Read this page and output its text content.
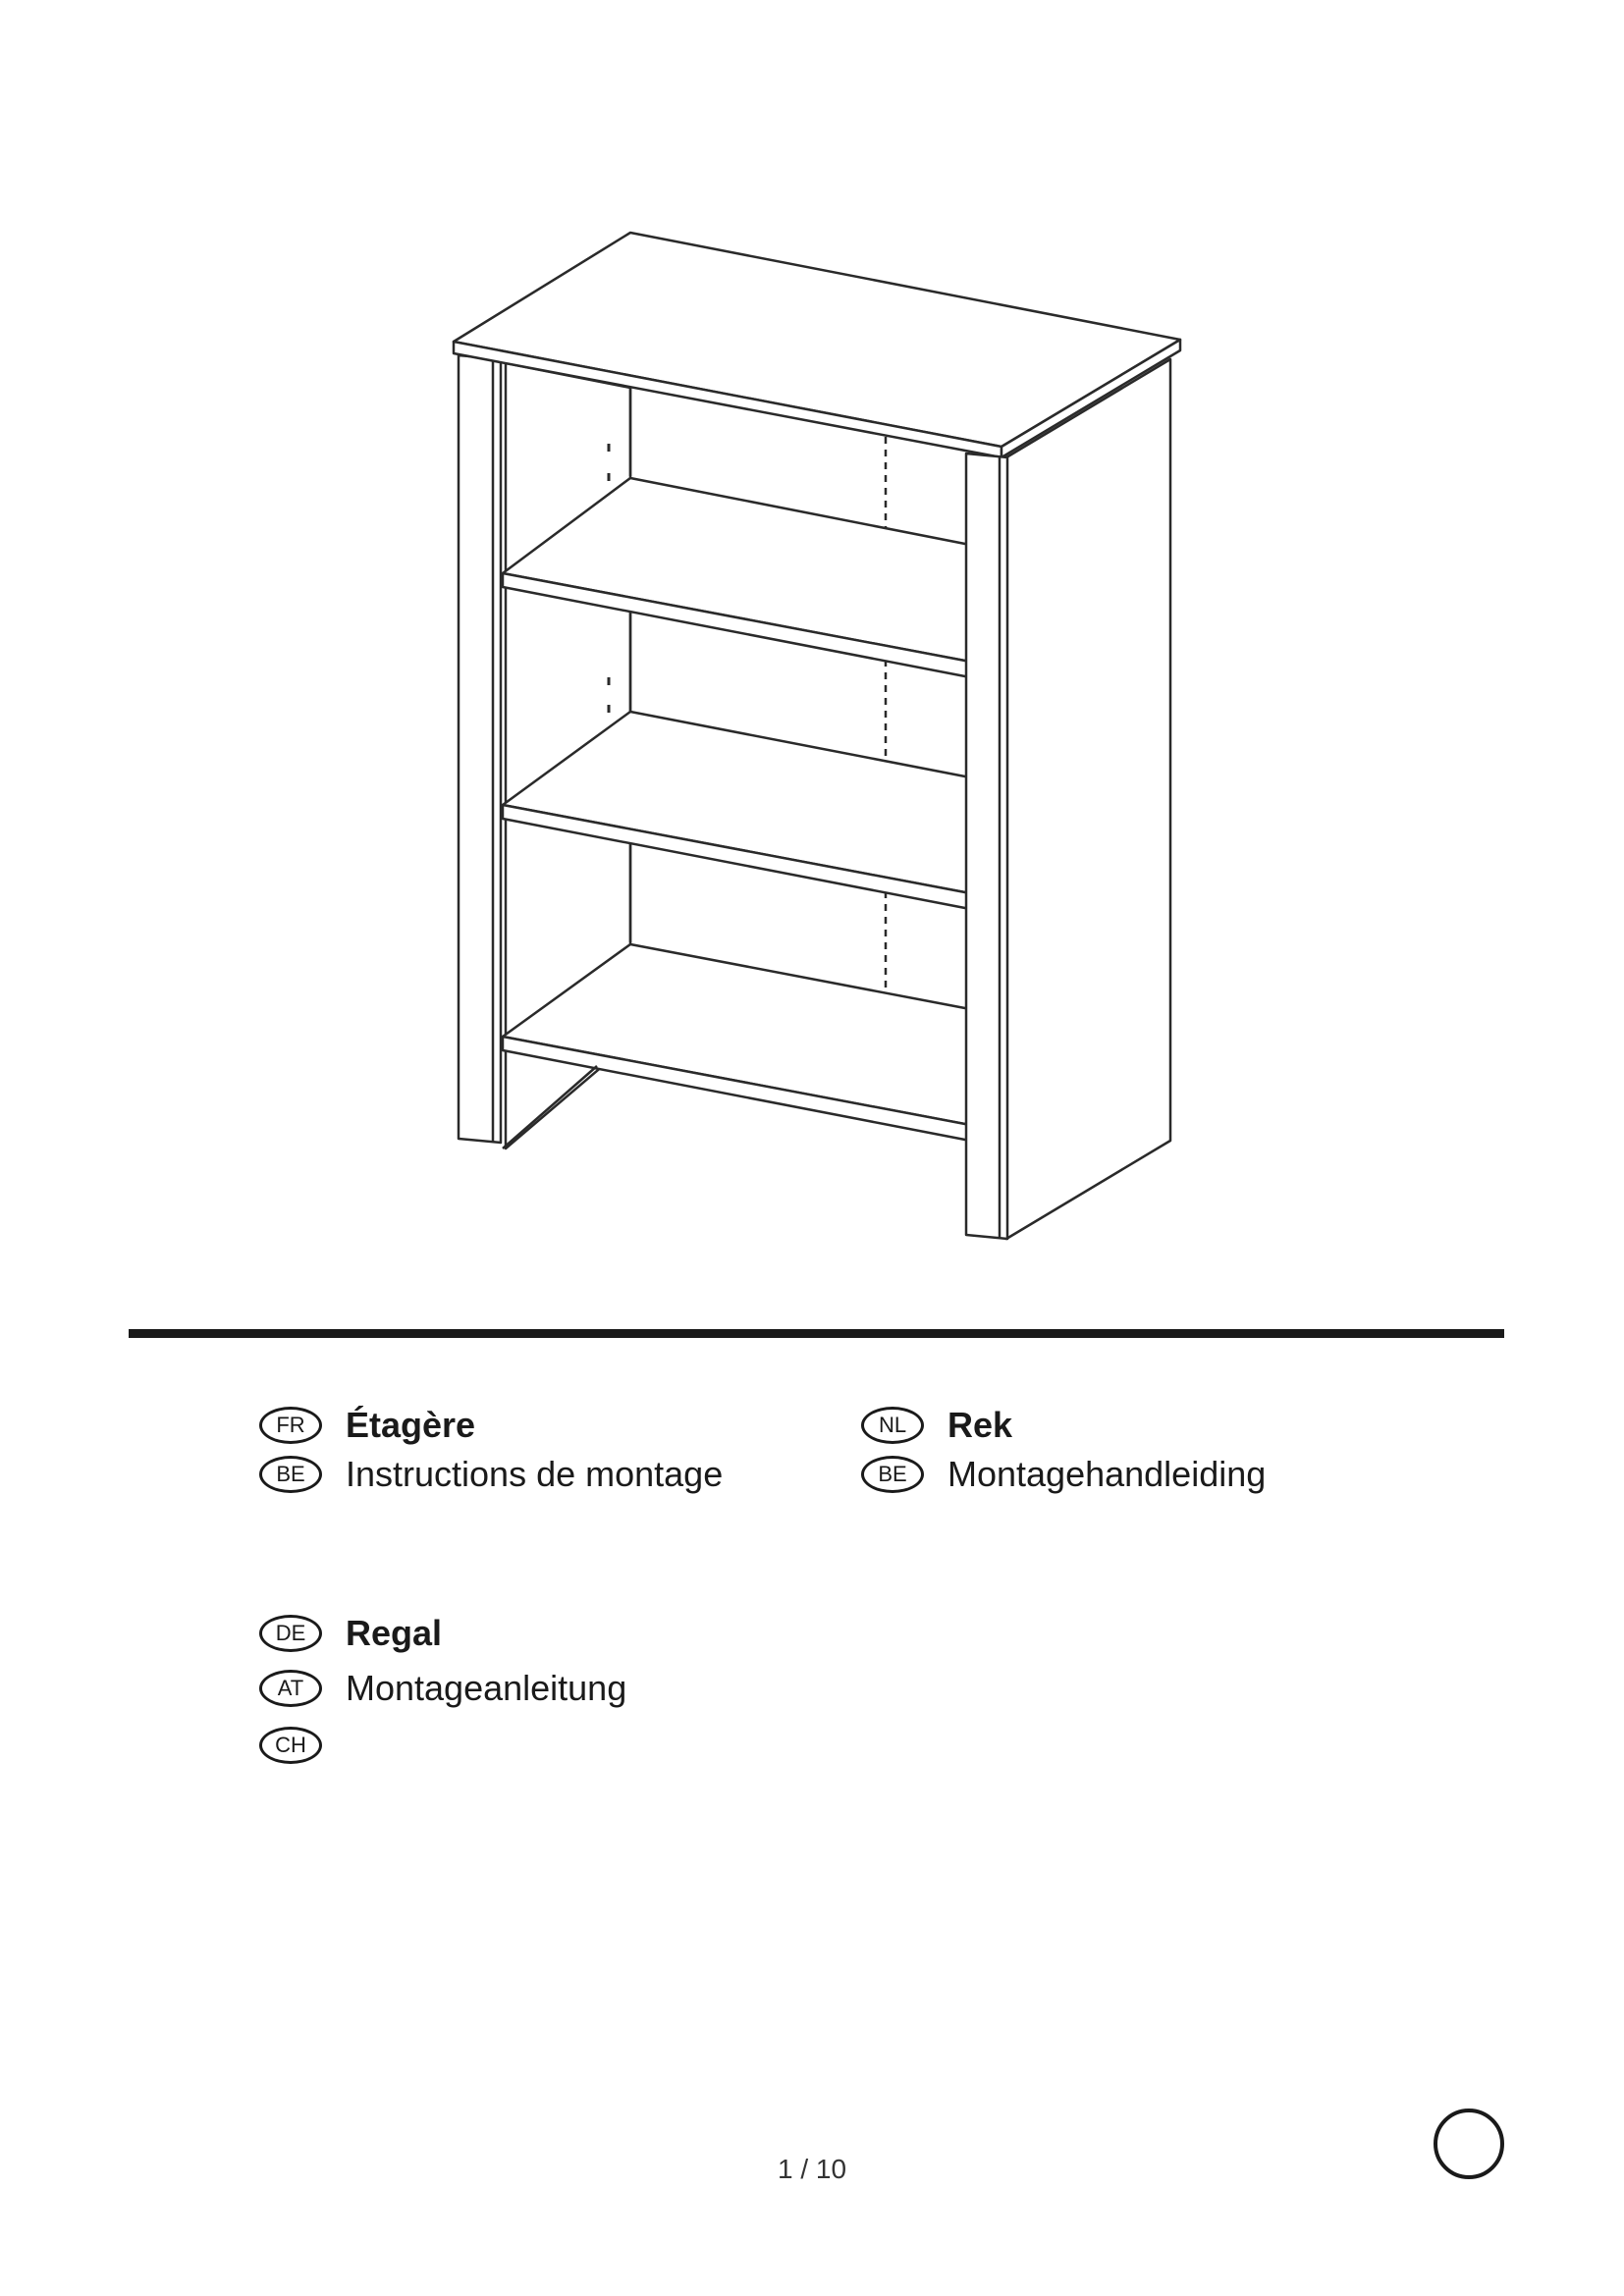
FR	Étagère
BE	Instructions de montage
NL	Rek
BE	Montagehandleiding
DE	Regal
AT	Montageanleitung
CH
1 / 10
